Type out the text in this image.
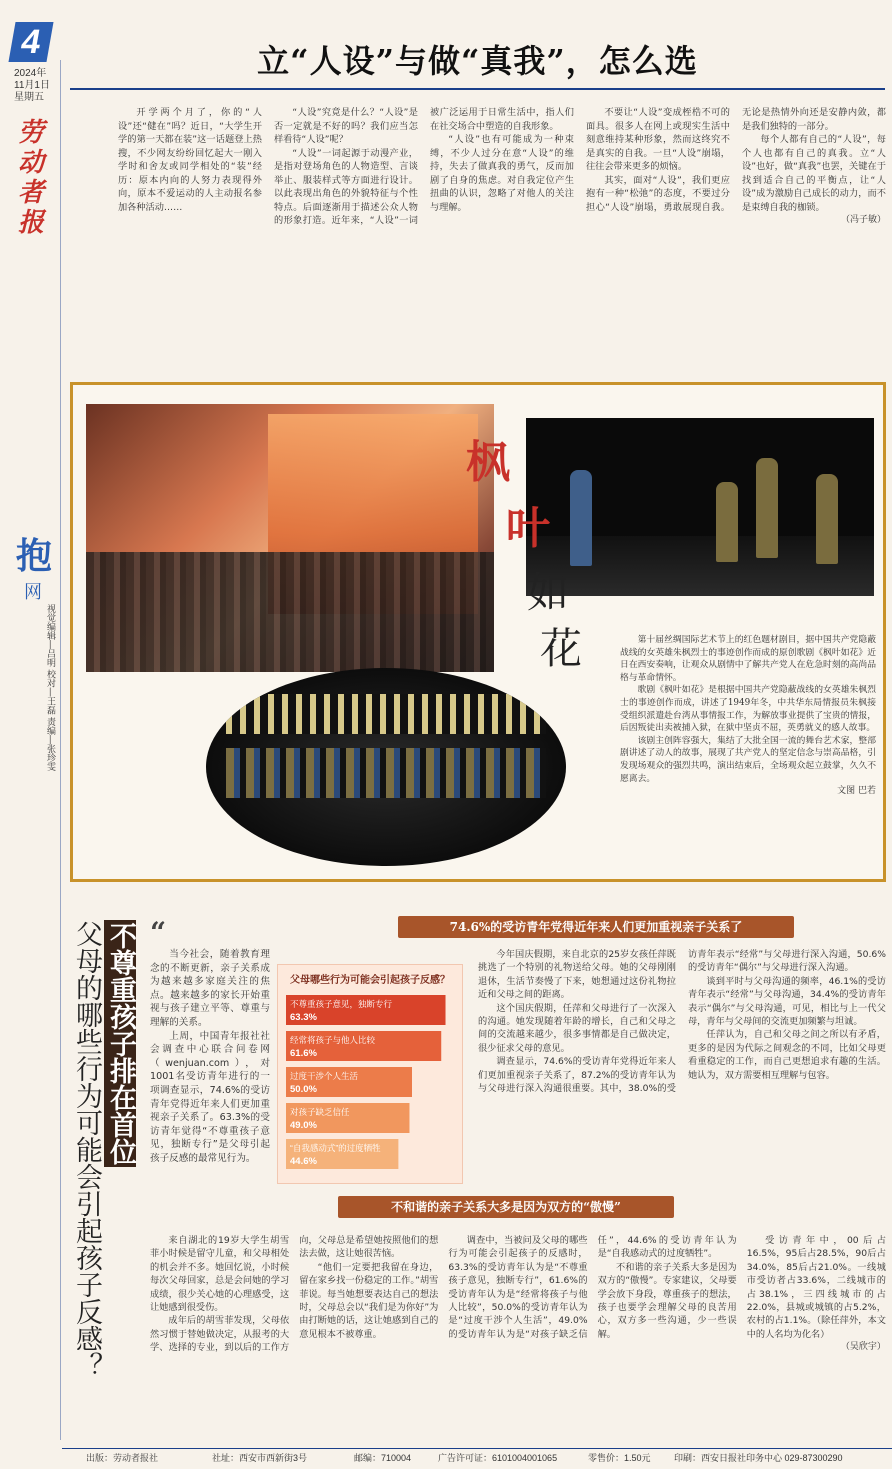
4
2024年
11月1日
星期五
劳动者报
抱
网
视觉编辑—吕明 校对—王磊 责编—张珍雯
立“人设”与做“真我”，怎么选

开学两个月了，你的“人设”还“健在”吗？近日，“大学生开学的第一天都在装”这一话题登上热搜，不少网友纷纷回忆起大一刚入学时和舍友或同学相处的“装”经历：原本内向的人努力表现得外向，原本不爱运动的人主动报名参加各种活动……

“人设”究竟是什么？“人设”是否一定就是不好的吗？我们应当怎样看待“人设”呢？

“人设”一词起源于动漫产业，是指对登场角色的人物造型、言谈举止、服装样式等方面进行设计。以此表现出角色的外貌特征与个性特点。后面逐渐用于描述公众人物的形象打造。近年来，“人设”一词被广泛运用于日常生活中，指人们在社交场合中塑造的自我形象。

“人设”也有可能成为一种束缚，不少人过分在意“人设”的维持，失去了做真我的勇气，反而加剧了自身的焦虑。对自我定位产生扭曲的认识，忽略了对他人的关注与理解。

不要让“人设”变成桎梏不可的面具。很多人在网上或现实生活中刻意维持某种形象，然而这终究不是真实的自我。一旦“人设”崩塌，往往会带来更多的烦恼。

其实，面对“人设”，我们更应抱有一种“松弛”的态度，不要过分担心“人设”崩塌，勇敢展现自我。无论是热情外向还是安静内敛，都是我们独特的一部分。

每个人都有自己的“人设”，每个人也都有自己的真我。立“人设”也好，做“真我”也罢，关键在于找到适合自己的平衡点，让“人设”成为激励自己成长的动力，而不是束缚自我的枷锁。

（冯子敏）

枫
叶
如
花	第十届丝绸国际艺术节上的红色题材剧目，据中国共产党隐蔽战线的女英雄朱枫烈士的事迹创作而成的原创歌剧《枫叶如花》近日在西安奏响，让观众从剧情中了解共产党人在危急时刻的高尚品格与革命情怀。

歌剧《枫叶如花》是根据中国共产党隐蔽战线的女英雄朱枫烈士的事迹创作而成，讲述了1949年冬，中共华东局情报员朱枫接受组织派遣赴台湾从事情报工作，为解放事业提供了宝贵的情报，后因叛徒出卖被捕入狱，在狱中坚贞不屈，英勇就义的感人故事。

该剧主创阵容强大，集结了大批全国一流的舞台艺术家，整部剧讲述了动人的故事，展现了共产党人的坚定信念与崇高品格，引发现场观众的强烈共鸣，演出结束后，全场观众起立鼓掌，久久不愿离去。

文图 巴若

不尊重孩子排在首位
父母的哪些行为可能会引起孩子反感？ “	74.6%的受访青年党得近年来人们更加重视亲子关系了

当今社会，随着教育理念的不断更新，亲子关系成为越来越多家庭关注的焦点。越来越多的家长开始重视与孩子建立平等、尊重与理解的关系。

上周，中国青年报社社会调查中心联合问卷网（wenjuan.com），对1001名受访青年进行的一项调查显示，74.6%的受访青年党得近年来人们更加重视亲子关系了。63.3%的受访青年觉得“不尊重孩子意见，独断专行”是父母引起孩子反感的最常见行为。

父母哪些行为可能会引起孩子反感？
不尊重孩子意见，独断专行
63.3%
经常将孩子与他人比较
61.6%
过度干涉个人生活
50.0%
对孩子缺乏信任
49.0%
“自我感动式”的过度牺牲
44.6%

今年国庆假期，来自北京的25岁女孩任萍既挑选了一个特别的礼物送给父母。她的父母刚刚退休，生活节奏慢了下来，她想通过这份礼物拉近和父母之间的距离。

这个国庆假期，任萍和父母进行了一次深入的沟通。她发现随着年龄的增长，自己和父母之间的交流越来越少，很多事情都是自己做决定，很少征求父母的意见。

调查显示，74.6%的受访青年党得近年来人们更加重视亲子关系了，87.2%的受访青年认为与父母进行深入沟通很重要。其中，38.0%的受访青年表示“经常”与父母进行深入沟通，50.6%的受访青年“偶尔”与父母进行深入沟通。

谈到平时与父母沟通的频率，46.1%的受访青年表示“经常”与父母沟通，34.4%的受访青年表示“偶尔”与父母沟通，可见，相比与上一代父母，青年与父母间的交流更加频繁与坦诚。

任萍认为，自己和父母之间之所以有矛盾，更多的是因为代际之间观念的不同，比如父母更看重稳定的工作，而自己更想追求有趣的生活。她认为，双方需要相互理解与包容。

不和谐的亲子关系大多是因为双方的“傲慢”

来自湖北的19岁大学生胡雪菲小时候是留守儿童，和父母相处的机会并不多。她回忆说，小时候每次父母回家，总是会问她的学习成绩，很少关心她的心理感受，这让她感到很受伤。

成年后的胡雪菲发现，父母依然习惯于替她做决定，从报考的大学、选择的专业，到以后的工作方向，父母总是希望她按照他们的想法去做，这让她很苦恼。

“他们一定要把我留在身边，留在家乡找一份稳定的工作。”胡雪菲说。每当她想要表达自己的想法时，父母总会以“我们是为你好”为由打断她的话，这让她感到自己的意见根本不被尊重。

调查中，当被问及父母的哪些行为可能会引起孩子的反感时，63.3%的受访青年认为是“不尊重孩子意见，独断专行”，61.6%的受访青年认为是“经常将孩子与他人比较”，50.0%的受访青年认为是“过度干涉个人生活”，49.0%的受访青年认为是“对孩子缺乏信任”，44.6%的受访青年认为是“自我感动式的过度牺牲”。

不和谐的亲子关系大多是因为双方的“傲慢”。专家建议，父母要学会放下身段，尊重孩子的想法，孩子也要学会理解父母的良苦用心，双方多一些沟通，少一些误解。

受访青年中，00后占16.5%，95后占28.5%，90后占34.0%，85后占21.0%。一线城市受访者占33.6%，二线城市的占38.1%，三四线城市的占22.0%，县城或城镇的占5.2%，农村的占1.1%。（除任萍外，本文中的人名均为化名）

（吴欣宇）

出版：劳动者报社	社址：西安市西新街3号	邮编：710004	广告许可证：6101004001065	零售价：1.50元	印刷：西安日报社印务中心 029-87300290
